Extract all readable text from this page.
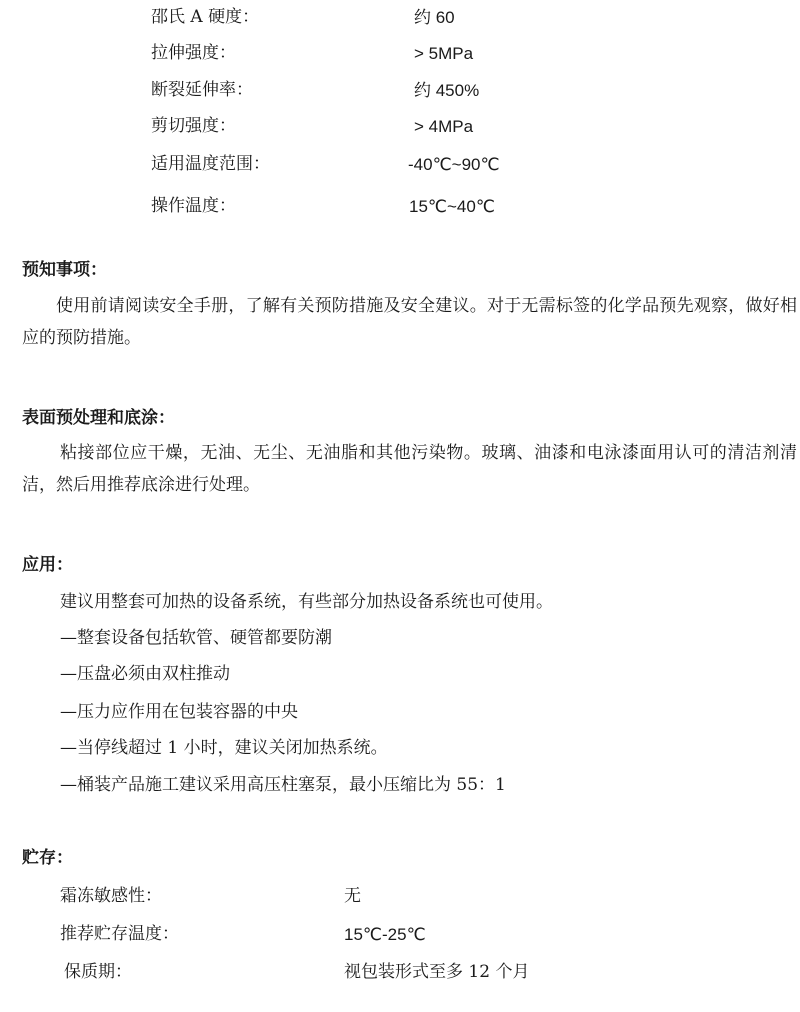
邵氏 A 硬度：	约 60
拉伸强度：	> 5MPa
断裂延伸率：	约 450%
剪切强度：	> 4MPa
适用温度范围：	-40℃~90℃
操作温度：	15℃~40℃
预知事项：
使用前请阅读安全手册，了解有关预防措施及安全建议。对于无需标签的化学品预先观察，做好相应的预防措施。
表面预处理和底涂：
粘接部位应干燥，无油、无尘、无油脂和其他污染物。玻璃、油漆和电泳漆面用认可的清洁剂清洁，然后用推荐底涂进行处理。
应用：
建议用整套可加热的设备系统，有些部分加热设备系统也可使用。
—整套设备包括软管、硬管都要防潮
—压盘必须由双柱推动
—压力应作用在包装容器的中央
—当停线超过 1 小时，建议关闭加热系统。
—桶装产品施工建议采用高压柱塞泵，最小压缩比为 55：1
贮存：
霜冻敏感性：	无
推荐贮存温度：	15℃-25℃
保质期：	视包装形式至多 12 个月
